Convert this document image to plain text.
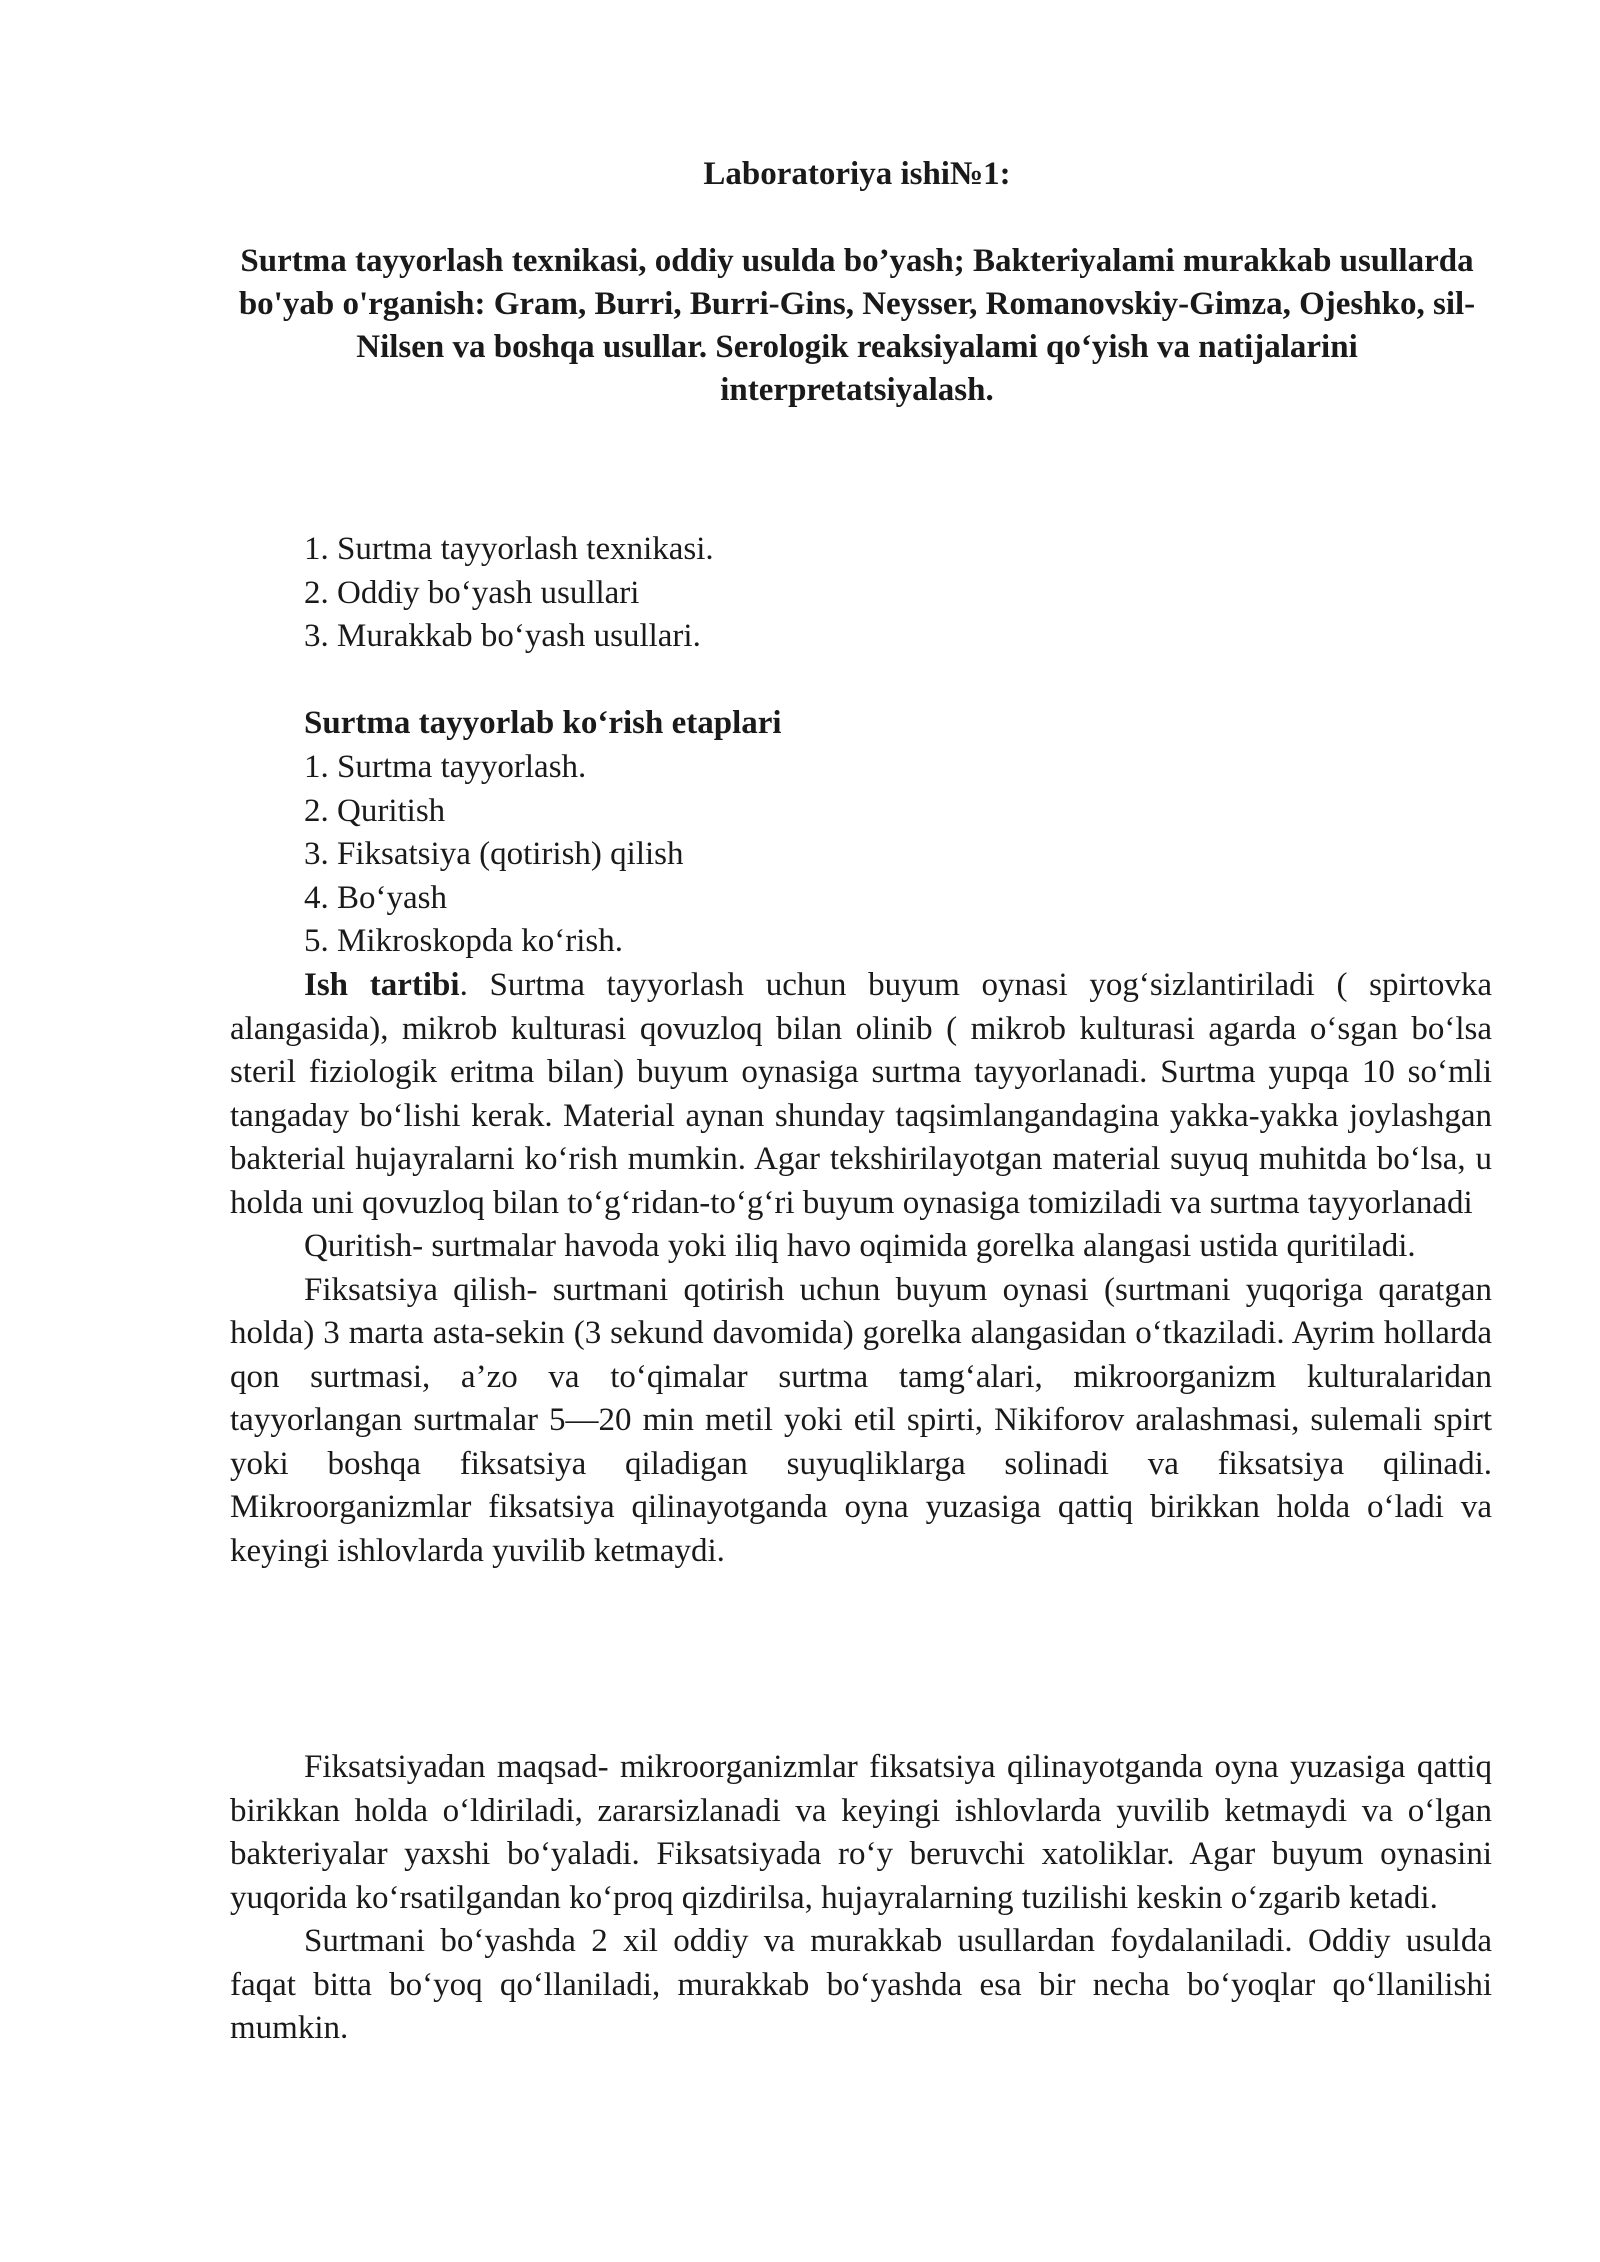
Laboratoriya ishi№1:
Surtma tayyorlash texnikasi, oddiy usulda bo’yash; Bakteriyalami murakkab usullarda bo'yab o'rganish: Gram, Burri, Burri-Gins, Neysser, Romanovskiy-Gimza, Ojeshko, sil-Nilsen va boshqa usullar. Serologik reaksiyalami qo‘yish va natijalarini interpretatsiyalash.
1. Surtma tayyorlash texnikasi.
2. Oddiy bo‘yash usullari
3. Murakkab bo‘yash usullari.
Surtma tayyorlab ko‘rish etaplari
1. Surtma tayyorlash.
2. Quritish
3. Fiksatsiya (qotirish) qilish
4. Bo‘yash
5. Mikroskopda ko‘rish.

Ish tartibi. Surtma tayyorlash uchun buyum oynasi yog‘sizlantiriladi ( spirtovka alangasida), mikrob kulturasi qovuzloq bilan olinib ( mikrob kulturasi agarda o‘sgan bo‘lsa steril fiziologik eritma bilan) buyum oynasiga surtma tayyorlanadi. Surtma yupqa 10 so‘mli tangaday bo‘lishi kerak. Material aynan shunday taqsimlangandagina yakka-yakka joylashgan bakterial hujayralarni ko‘rish mumkin. Agar tekshirilayotgan material suyuq muhitda bo‘lsa, u holda uni qovuzloq bilan to‘g‘ridan-to‘g‘ri buyum oynasiga tomiziladi va surtma tayyorlanadi

Quritish- surtmalar havoda yoki iliq havo oqimida gorelka alangasi ustida quritiladi.

Fiksatsiya qilish- surtmani qotirish uchun buyum oynasi (surtmani yuqoriga qaratgan holda) 3 marta asta-sekin (3 sekund davomida) gorelka alangasidan o‘tkaziladi. Ayrim hollarda qon surtmasi, a’zo va to‘qimalar surtma tamg‘alari, mikroorganizm kulturalaridan tayyorlangan surtmalar 5—20 min metil yoki etil spirti, Nikiforov aralashmasi, sulemali spirt yoki boshqa fiksatsiya qiladigan suyuqliklarga solinadi va fiksatsiya qilinadi. Mikroorganizmlar fiksatsiya qilinayotganda oyna yuzasiga qattiq birikkan holda o‘ladi va keyingi ishlovlarda yuvilib ketmaydi.

Fiksatsiyadan maqsad- mikroorganizmlar fiksatsiya qilinayotganda oyna yuzasiga qattiq birikkan holda o‘ldiriladi, zararsizlanadi va keyingi ishlovlarda yuvilib ketmaydi va o‘lgan bakteriyalar yaxshi bo‘yaladi. Fiksatsiyada ro‘y beruvchi xatoliklar. Agar buyum oynasini yuqorida ko‘rsatilgandan ko‘proq qizdirilsa, hujayralarning tuzilishi keskin o‘zgarib ketadi.

Surtmani bo‘yashda 2 xil oddiy va murakkab usullardan foydalaniladi. Oddiy usulda faqat bitta bo‘yoq qo‘llaniladi, murakkab bo‘yashda esa bir necha bo‘yoqlar qo‘llanilishi mumkin.
